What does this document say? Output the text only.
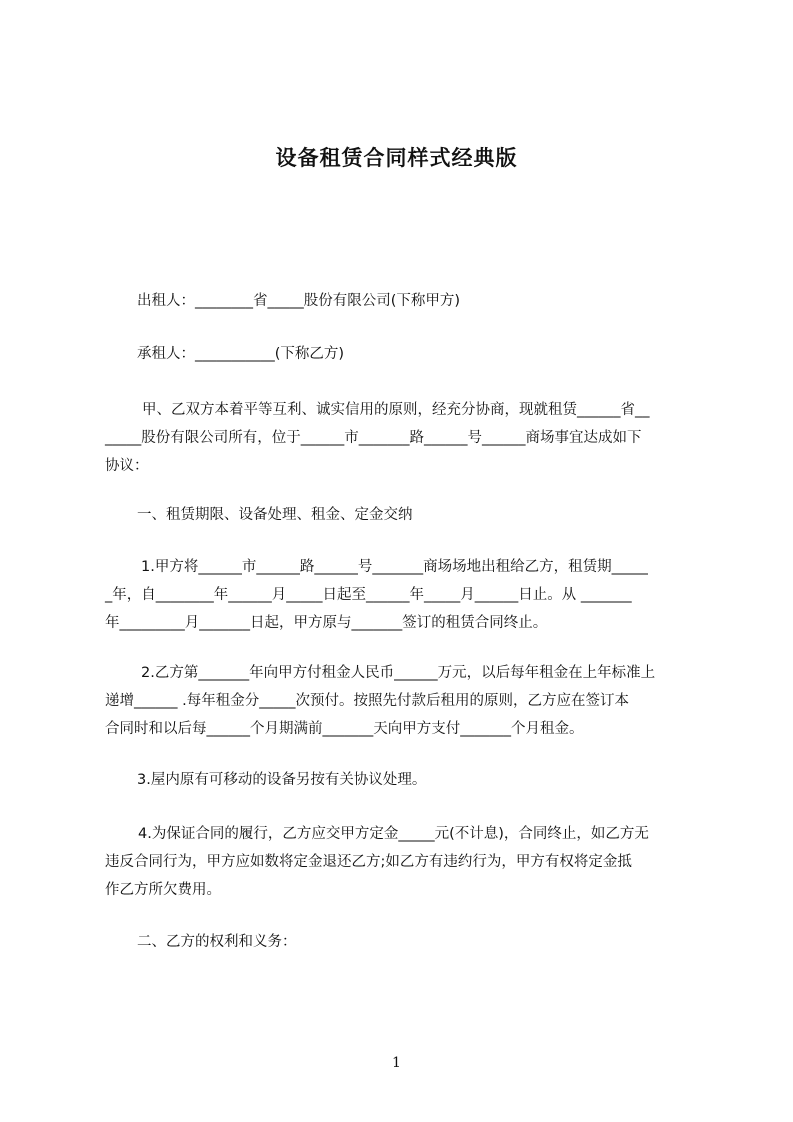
设备租赁合同样式经典版
出租人：________省_____股份有限公司(下称甲方)
承租人：___________(下称乙方)
甲、乙双方本着平等互利、诚实信用的原则，经充分协商，现就租赁______省__
_____股份有限公司所有，位于______市_______路______号______商场事宜达成如下
协议：
一、租赁期限、设备处理、租金、定金交纳
1.甲方将______市______路______号_______商场场地出租给乙方，租赁期_____
_年，自________年______月_____日起至______年_____月______日止。从 _______
年_________月_______日起，甲方原与_______签订的租赁合同终止。
2.乙方第_______年向甲方付租金人民币______万元，以后每年租金在上年标准上
递增______ .每年租金分_____次预付。按照先付款后租用的原则，乙方应在签订本
合同时和以后每______个月期满前_______天向甲方支付_______个月租金。
3.屋内原有可移动的设备另按有关协议处理。
4.为保证合同的履行，乙方应交甲方定金_____元(不计息)，合同终止，如乙方无
违反合同行为，甲方应如数将定金退还乙方;如乙方有违约行为，甲方有权将定金抵
作乙方所欠费用。
二、乙方的权利和义务：
1
